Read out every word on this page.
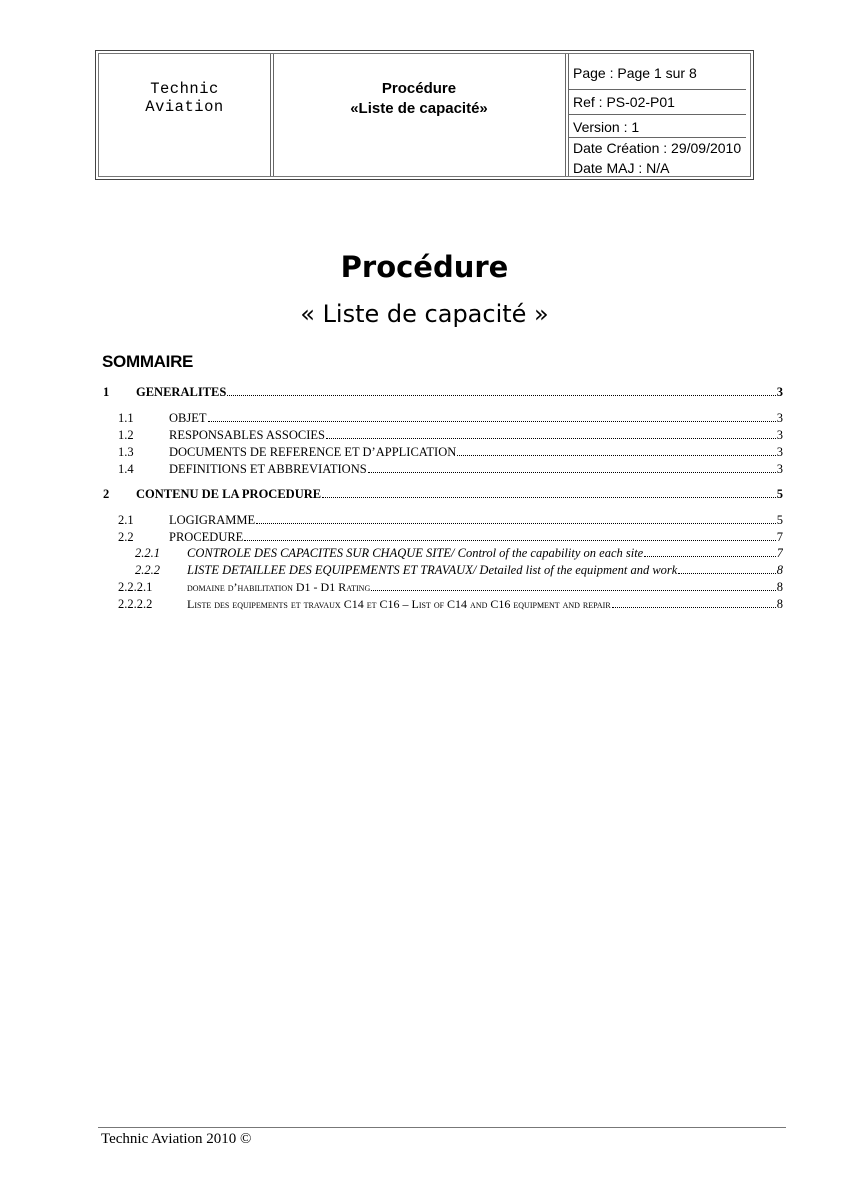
Technic
Aviation
Procédure
«Liste de capacité»
Page : Page 1 sur 8
Ref : PS-02-P01
Version : 1
Date Création : 29/09/2010
Date MAJ : N/A
Procédure
« Liste de capacité »
SOMMAIRE
1	GENERALITES	3
1.1	OBJET	3
1.2	RESPONSABLES ASSOCIES	3
1.3	DOCUMENTS DE REFERENCE ET D’APPLICATION	3
1.4	DEFINITIONS ET ABBREVIATIONS	3
2	CONTENU DE LA PROCEDURE	5
2.1	LOGIGRAMME	5
2.2	PROCEDURE	7
2.2.1	CONTROLE DES CAPACITES SUR CHAQUE SITE/ Control of the capability on each site	7
2.2.2	LISTE DETAILLEE DES EQUIPEMENTS ET TRAVAUX/ Detailed list of the equipment and work	8
2.2.2.1	domaine d’habilitation D1 - D1 Rating	8
2.2.2.2	Liste des equipements et travaux C14 et C16 – List of C14 and C16 equipment and repair	8
Technic Aviation 2010 ©
